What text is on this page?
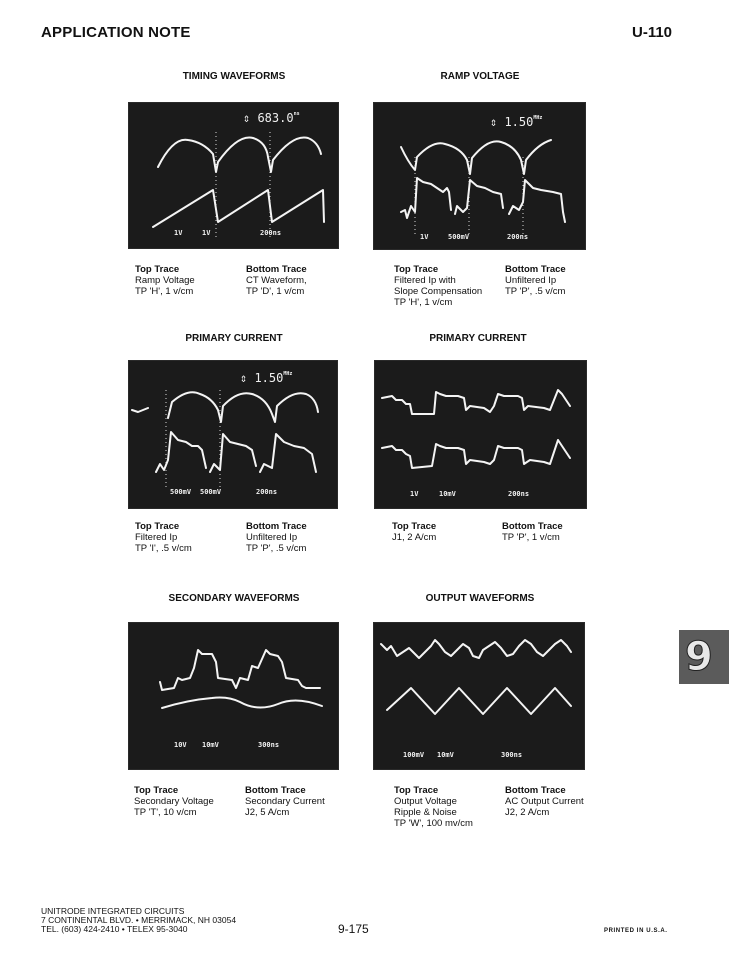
APPLICATION NOTE	U-110
TIMING WAVEFORMS
⇕ $683.0^{ns}$
1V	1V	200ns
Top Trace
Ramp Voltage
TP 'H', 1 v/cm
Bottom Trace
CT Waveform,
TP 'D', 1 v/cm
RAMP VOLTAGE
⇕ $1.50^{MHz}$
1V	500mV	200ns
Top Trace
Filtered Ip with
Slope Compensation
TP 'H', 1 v/cm
Bottom Trace
Unfiltered Ip
TP 'P', .5 v/cm
PRIMARY CURRENT
⇕ $1.50^{MHz}$
500mV 500mV	200ns
Top Trace
Filtered Ip
TP 'I', .5 v/cm
Bottom Trace
Unfiltered Ip
TP 'P', .5 v/cm
PRIMARY CURRENT
1V	10mV	200ns
Top Trace
J1, 2 A/cm
Bottom Trace
TP 'P', 1 v/cm
SECONDARY WAVEFORMS
10V 10mV	300ns
Top Trace
Secondary Voltage
TP 'T', 10 v/cm
Bottom Trace
Secondary Current
J2, 5 A/cm
OUTPUT WAVEFORMS
100mV 10mV	300ns
Top Trace
Output Voltage
Ripple & Noise
TP 'W', 100 mv/cm
Bottom Trace
AC Output Current
J2, 2 A/cm
9
UNITRODE INTEGRATED CIRCUITS
7 CONTINENTAL BLVD. • MERRIMACK, NH 03054
TEL. (603) 424-2410 • TELEX 95-3040	9-175	PRINTED IN U.S.A.
